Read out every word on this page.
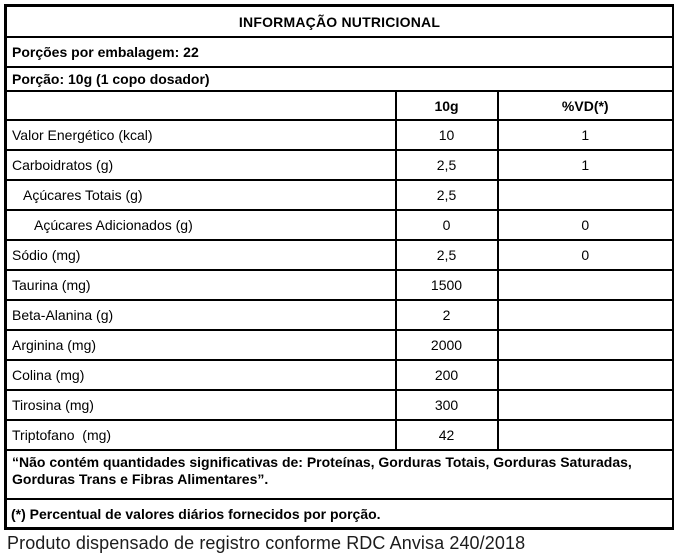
INFORMAÇÃO NUTRICIONAL		
Porções por embalagem: 22		
Porção: 10g (1 copo dosador)		
	10g	%VD(*)
Valor Energético (kcal)	10	1
Carboidratos (g)	2,5	1
Açúcares Totais (g)	2,5	
Açúcares Adicionados (g)	0	0
Sódio (mg)	2,5	0
Taurina (mg)	1500	
Beta-Alanina (g)	2	
Arginina (mg)	2000	
Colina (mg)	200	
Tirosina (mg)	300	
Triptofano  (mg)	42	
“Não contém quantidades significativas de: Proteínas, Gorduras Totais, Gorduras Saturadas, Gorduras Trans e Fibras Alimentares”.		
(*) Percentual de valores diários fornecidos por porção.		
Produto dispensado de registro conforme RDC Anvisa 240/2018
